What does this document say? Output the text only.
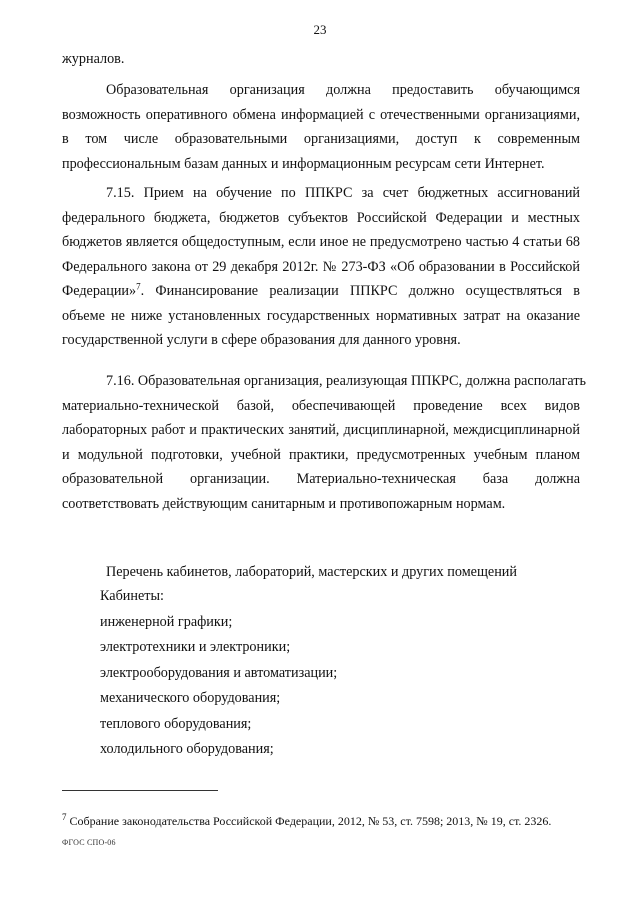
23
журналов.
Образовательная организация должна предоставить обучающимся
возможность оперативного обмена информацией с отечественными организациями,
в том числе образовательными организациями, доступ к современным
профессиональным базам данных и информационным ресурсам сети Интернет.
7.15. Прием на обучение по ППКРС за счет бюджетных ассигнований
федерального бюджета, бюджетов субъектов Российской Федерации и местных
бюджетов является общедоступным, если иное не предусмотрено частью 4 статьи 68
Федерального закона от 29 декабря 2012г. № 273-ФЗ «Об образовании в Российской
Федерации»$^7$. Финансирование реализации ППКРС должно осуществляться в
объеме не ниже установленных государственных нормативных затрат на оказание
государственной услуги в сфере образования для данного уровня.
7.16. Образовательная организация, реализующая ППКРС, должна располагать
материально-технической базой, обеспечивающей проведение всех видов
лабораторных работ и практических занятий, дисциплинарной, междисциплинарной
и модульной подготовки, учебной практики, предусмотренных учебным планом
образовательной организации. Материально-техническая база должна
соответствовать действующим санитарным и противопожарным нормам.
Перечень кабинетов, лабораторий, мастерских и других помещений
Кабинеты:
инженерной графики;
электротехники и электроники;
электрооборудования и автоматизации;
механического оборудования;
теплового оборудования;
холодильного оборудования;
$^7$ Собрание законодательства Российской Федерации, 2012, № 53, ст. 7598; 2013, № 19, ст. 2326.
ФГОС СПО-06
